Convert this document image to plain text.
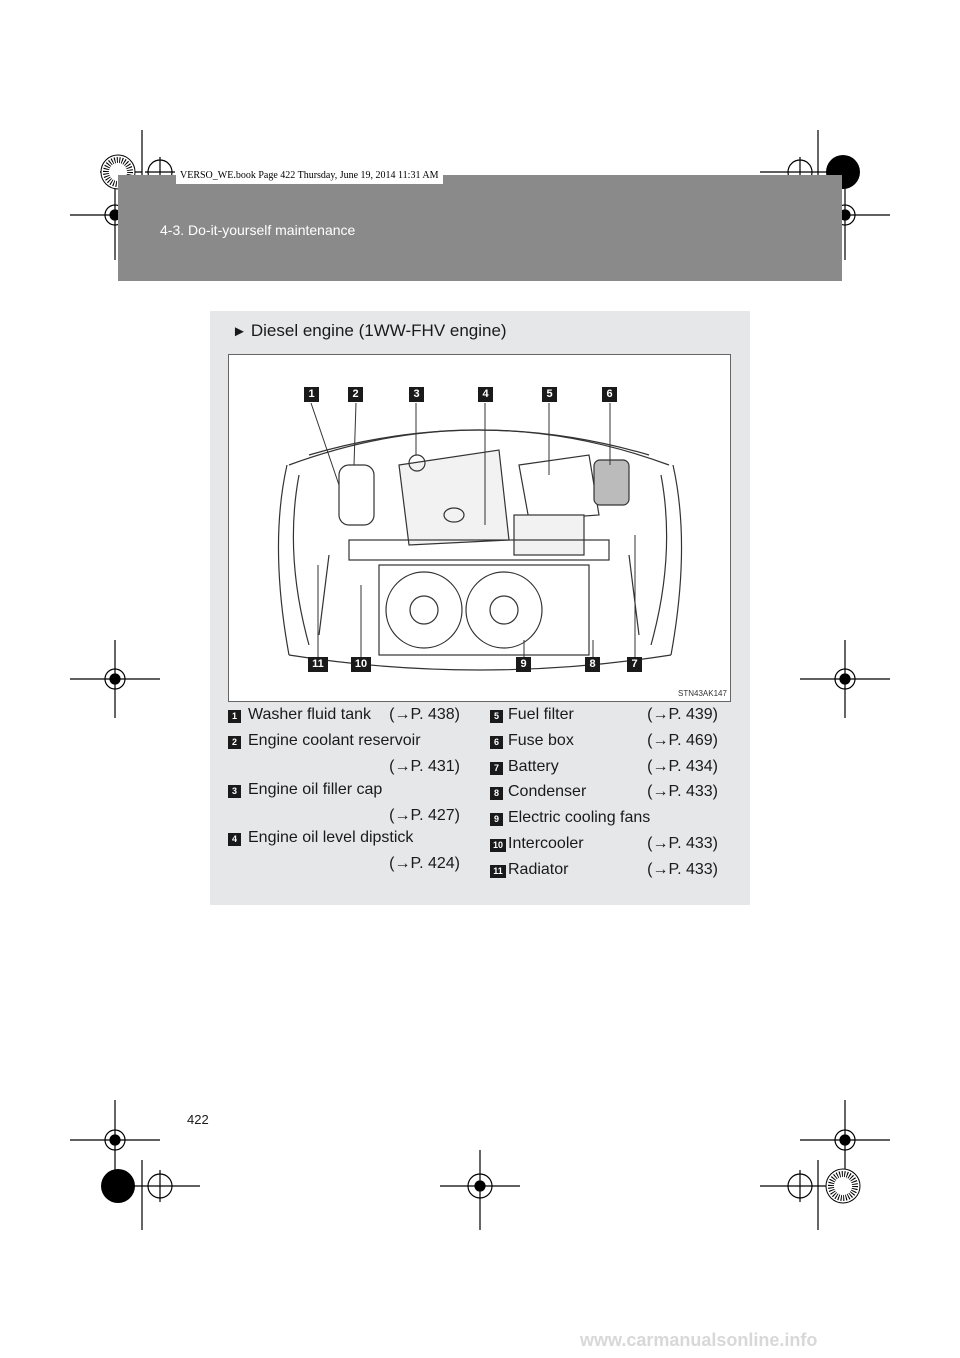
4-3. Do-it-yourself maintenance
VERSO_WE.book Page 422 Thursday, June 19, 2014 11:31 AM
► Diesel engine (1WW-FHV engine)
1	2	3	4	5	6
7
8
9
10
11
STN43AK147
1 Washer fluid tank (→P. 438)
2 Engine coolant reservoir
(→P. 431)
3 Engine oil filler cap
(→P. 427)
4 Engine oil level dipstick
(→P. 424)
5 Fuel filter	(→P. 439)
6 Fuse box	(→P. 469)
7 Battery	(→P. 434)
8 Condenser	(→P. 433)
9 Electric cooling fans
10 Intercooler	(→P. 433)
11 Radiator	(→P. 433)
422
www.carmanualsonline.info
